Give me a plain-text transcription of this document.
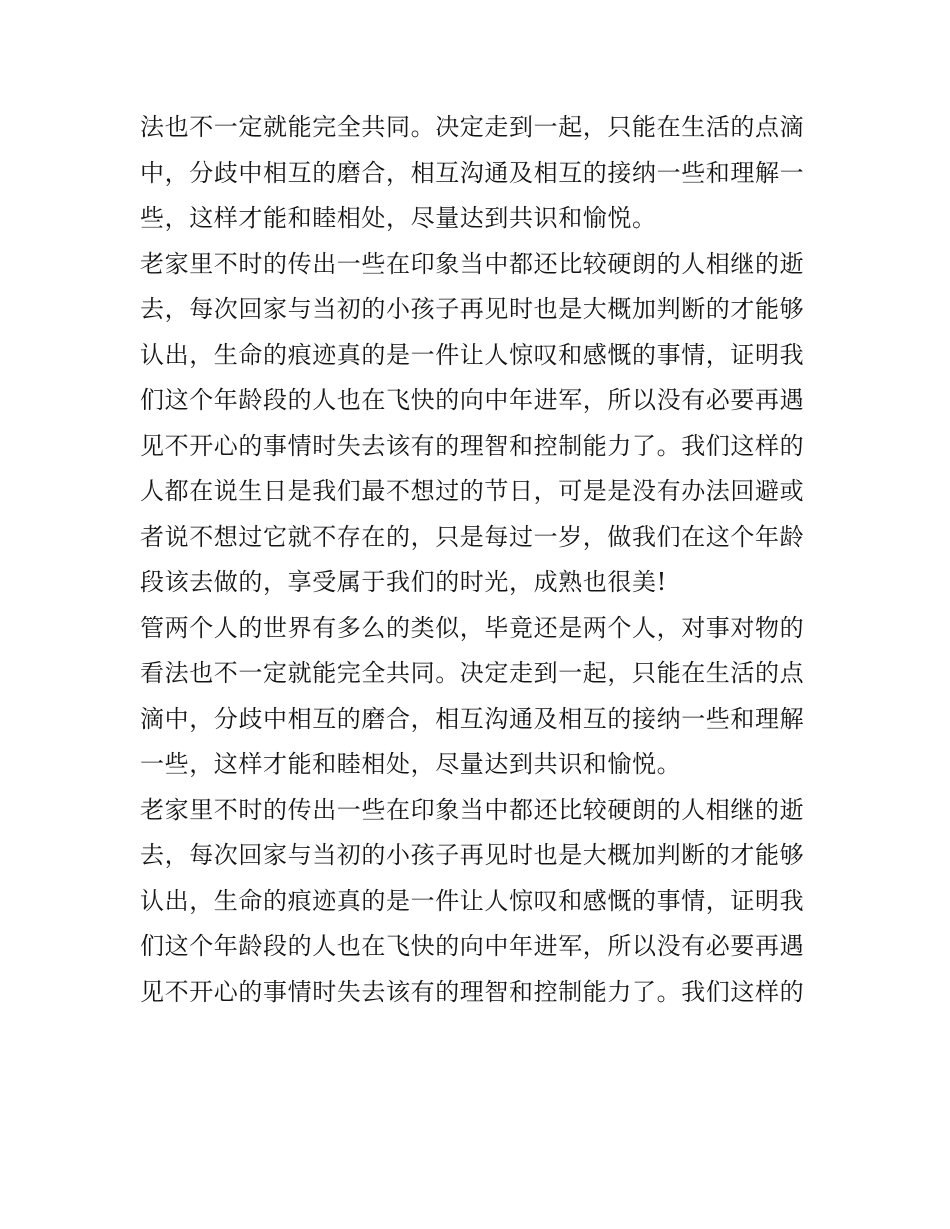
法也不一定就能完全共同。决定走到一起，只能在生活的点滴
中，分歧中相互的磨合，相互沟通及相互的接纳一些和理解一
些，这样才能和睦相处，尽量达到共识和愉悦。
老家里不时的传出一些在印象当中都还比较硬朗的人相继的逝
去，每次回家与当初的小孩子再见时也是大概加判断的才能够
认出，生命的痕迹真的是一件让人惊叹和感慨的事情，证明我
们这个年龄段的人也在飞快的向中年进军，所以没有必要再遇
见不开心的事情时失去该有的理智和控制能力了。我们这样的
人都在说生日是我们最不想过的节日，可是是没有办法回避或
者说不想过它就不存在的，只是每过一岁，做我们在这个年龄
段该去做的，享受属于我们的时光，成熟也很美!
管两个人的世界有多么的类似，毕竟还是两个人，对事对物的
看法也不一定就能完全共同。决定走到一起，只能在生活的点
滴中，分歧中相互的磨合，相互沟通及相互的接纳一些和理解
一些，这样才能和睦相处，尽量达到共识和愉悦。
老家里不时的传出一些在印象当中都还比较硬朗的人相继的逝
去，每次回家与当初的小孩子再见时也是大概加判断的才能够
认出，生命的痕迹真的是一件让人惊叹和感慨的事情，证明我
们这个年龄段的人也在飞快的向中年进军，所以没有必要再遇
见不开心的事情时失去该有的理智和控制能力了。我们这样的
